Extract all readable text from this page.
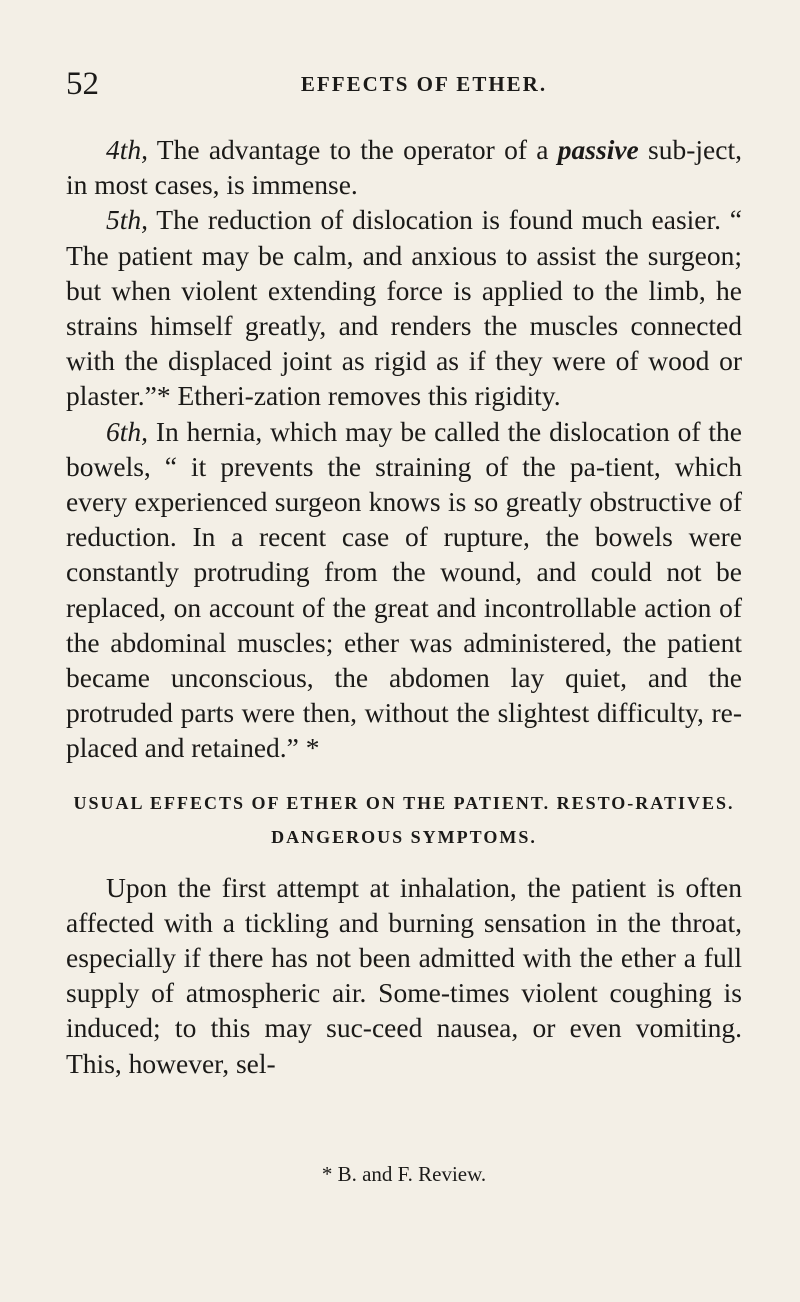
52	EFFECTS OF ETHER.

4th, The advantage to the operator of a passive sub-ject, in most cases, is immense.

5th, The reduction of dislocation is found much easier. “ The patient may be calm, and anxious to assist the surgeon; but when violent extending force is applied to the limb, he strains himself greatly, and renders the muscles connected with the displaced joint as rigid as if they were of wood or plaster.”* Etheri-zation removes this rigidity.

6th, In hernia, which may be called the dislocation of the bowels, “ it prevents the straining of the pa-tient, which every experienced surgeon knows is so greatly obstructive of reduction. In a recent case of rupture, the bowels were constantly protruding from the wound, and could not be replaced, on account of the great and incontrollable action of the abdominal muscles; ether was administered, the patient became unconscious, the abdomen lay quiet, and the protruded parts were then, without the slightest difficulty, re-placed and retained.” *

USUAL EFFECTS OF ETHER ON THE PATIENT. RESTO-RATIVES. DANGEROUS SYMPTOMS.

Upon the first attempt at inhalation, the patient is often affected with a tickling and burning sensation in the throat, especially if there has not been admitted with the ether a full supply of atmospheric air. Some-times violent coughing is induced; to this may suc-ceed nausea, or even vomiting. This, however, sel-

* B. and F. Review.
